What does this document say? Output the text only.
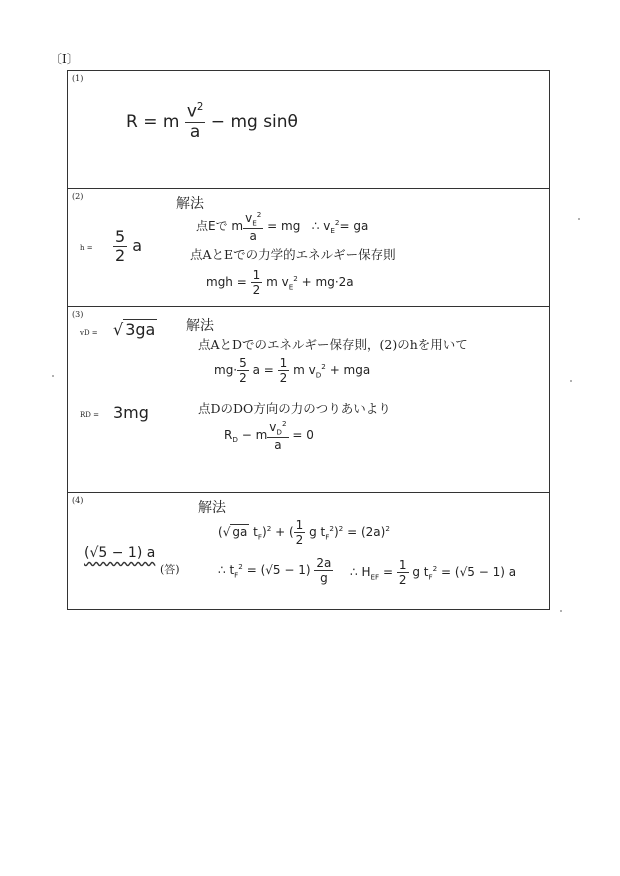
〔Ⅰ〕
(1)
R = m $\frac{v^2}{a}$ − mg sinθ
(2)
$h = \frac{5}{2}$ a
解法
点Eで m $\frac{v_E^2}{a}$ = mg ∴ $v_E^2=$ ga
点AとEでの力学的エネルギー保存則
mgh = $\frac{1}{2}$ m $v_E^2 + mg\cdot 2a$
(3)
vD = √ 3ga
RD = 3mg
解法
点AとDでのエネルギー保存則，(2)のhを用いて
$mg\cdot \frac{5}{2}$ $a = \frac{1}{2}$ m $v_D^2$ + mga
点DのDO方向の力のつりあいより
$R_D - m \frac{v_D^2}{a} = 0$
(4)
(√5 − 1) a
(答)
解法
(√ ga $t_F)^2$ + ( $\frac{1}{2}$ g $t_F^2)^2 = (2a)^2$
∴ $t_F^2 = (√5 - 1) \frac{2a}{g}$ ∴ $H_{EF} = \frac{1}{2}$ g $t_F^2 = (√5 - 1)$ a
